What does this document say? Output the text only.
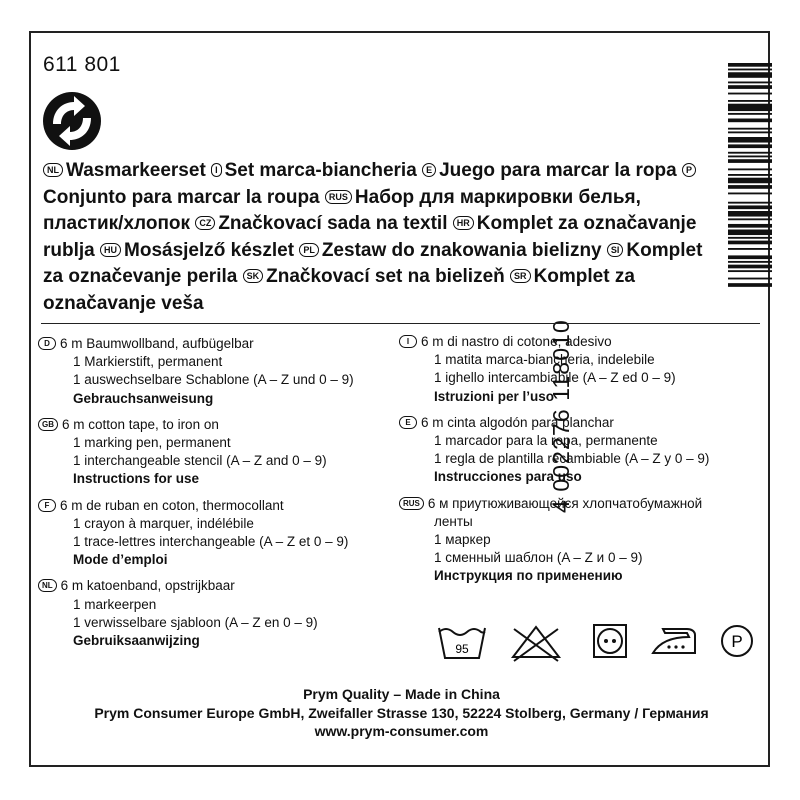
611 801
NL Wasmarkeerset I Set marca-biancheria E Juego para marcar la ropa PConjunto para marcar la roupa RUS Набор для маркировки белья, пластик/хлопок CZ Značkovací sada na textil HR Komplet za označavanje rublja HU Mosásjelző készlet PL Zestaw do znakowania bielizny SI Komplet za označevanje perila SK Značkovací set na bielizeň SR Komplet za označavanje veša
4 002276 118010
D 6 m Baumwollband, aufbügelbar
1 Markierstift, permanent
1 auswechselbare Schablone (A – Z und 0 – 9)
Gebrauchsanweisung
GB 6 m cotton tape, to iron on
1 marking pen, permanent
1 interchangeable stencil (A – Z and 0 – 9)
Instructions for use
F 6 m de ruban en coton, thermocollant
1 crayon à marquer, indélébile
1 trace-lettres interchangeable (A – Z et 0 – 9)
Mode d’emploi
NL 6 m katoenband, opstrijkbaar
1 markeerpen
1 verwisselbare sjabloon (A – Z en 0 – 9)
Gebruiksaanwijzing
I 6 m di nastro di cotone, adesivo
1 matita marca-biancheria, indelebile
1 ighello intercambiabile (A – Z ed 0 – 9)
Istruzioni per l’uso
E 6 m cinta algodón para planchar
1 marcador para la ropa, permanente
1 regla de plantilla recambiable (A – Z y 0 – 9)
Instrucciones para uso
RUS 6 м приутюживающейся хлопчатобумажной
ленты
1 маркер
1 сменный шаблон (A – Z и 0 – 9)
Инструкция по применению
95	P
Prym Quality – Made in China
Prym Consumer Europe GmbH, Zweifaller Strasse 130, 52224 Stolberg, Germany / Германия
www.prym-consumer.com
